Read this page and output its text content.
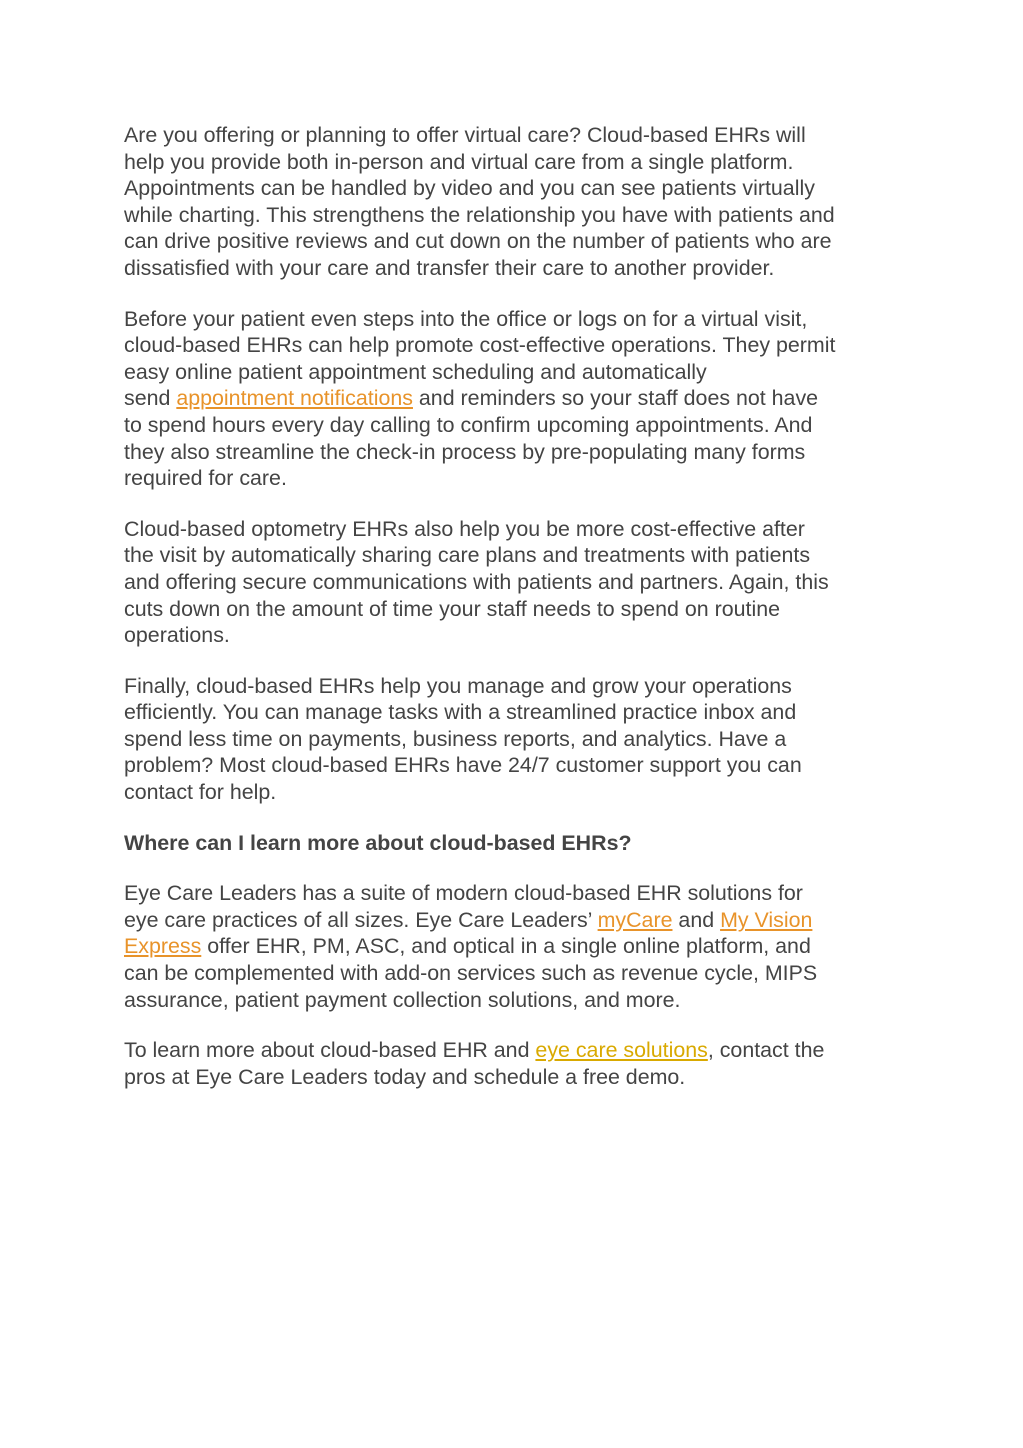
Are you offering or planning to offer virtual care? Cloud-based EHRs will
help you provide both in-person and virtual care from a single platform.
Appointments can be handled by video and you can see patients virtually
while charting. This strengthens the relationship you have with patients and
can drive positive reviews and cut down on the number of patients who are
dissatisfied with your care and transfer their care to another provider.

Before your patient even steps into the office or logs on for a virtual visit,
cloud-based EHRs can help promote cost-effective operations. They permit
easy online patient appointment scheduling and automatically
send appointment notifications and reminders so your staff does not have
to spend hours every day calling to confirm upcoming appointments. And
they also streamline the check-in process by pre-populating many forms
required for care.

Cloud-based optometry EHRs also help you be more cost-effective after
the visit by automatically sharing care plans and treatments with patients
and offering secure communications with patients and partners. Again, this
cuts down on the amount of time your staff needs to spend on routine
operations.

Finally, cloud-based EHRs help you manage and grow your operations
efficiently. You can manage tasks with a streamlined practice inbox and
spend less time on payments, business reports, and analytics. Have a
problem? Most cloud-based EHRs have 24/7 customer support you can
contact for help.

Where can I learn more about cloud-based EHRs?

Eye Care Leaders has a suite of modern cloud-based EHR solutions for
eye care practices of all sizes. Eye Care Leaders’ myCare and My Vision
Express offer EHR, PM, ASC, and optical in a single online platform, and
can be complemented with add-on services such as revenue cycle, MIPS
assurance, patient payment collection solutions, and more.

To learn more about cloud-based EHR and eye care solutions, contact the
pros at Eye Care Leaders today and schedule a free demo.
